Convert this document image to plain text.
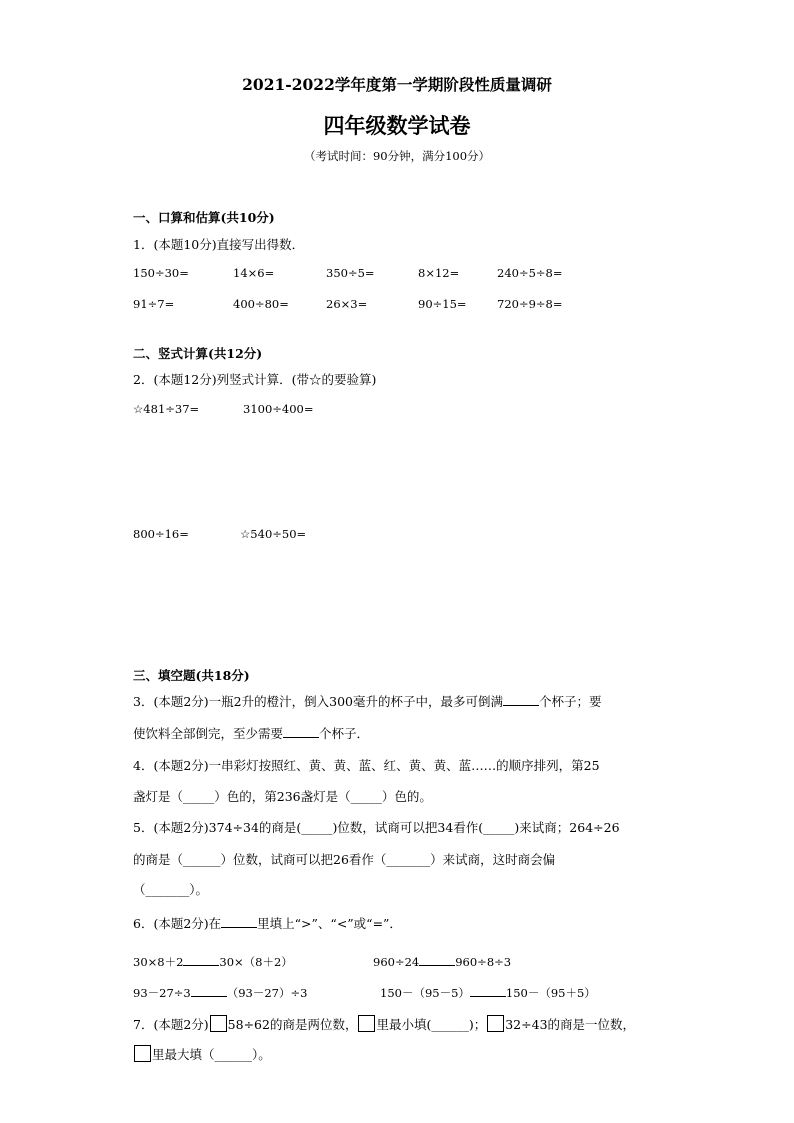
2021-2022学年度第一学期阶段性质量调研
四年级数学试卷
（考试时间：90分钟，满分100分）
一、口算和估算(共10分)
1．(本题10分)直接写出得数．
150÷30=	14×6=	350÷5=	8×12=	240÷5÷8=
91÷7=	400÷80=	26×3=	90÷15=	720÷9÷8=
二、竖式计算(共12分)
2．(本题12分)列竖式计算．(带☆的要验算)
☆481÷37=	3100÷400=
800÷16=	☆540÷50=
三、填空题(共18分)
3．(本题2分)一瓶2升的橙汁，倒入300毫升的杯子中，最多可倒满	个杯子；要
使饮料全部倒完，至少需要	个杯子．
4．(本题2分)一串彩灯按照红、黄、黄、蓝、红、黄、黄、蓝……的顺序排列，第25
盏灯是（_____）色的，第236盏灯是（_____）色的。
5．(本题2分)374÷34的商是(_____)位数，试商可以把34看作(_____)来试商；264÷26
的商是（______）位数，试商可以把26看作（_______）来试商，这时商会偏
（_______）。
6．(本题2分)在	里填上“>”、“<”或“=”．
30×8＋2	30×（8＋2）	960÷24	960÷8÷3
93－27÷3	（93－27）÷3	150－（95－5）	150－（95＋5）
7．(本题2分) 58÷62的商是两位数， 里最小填(______)； 32÷43的商是一位数，
里最大填（______）。
